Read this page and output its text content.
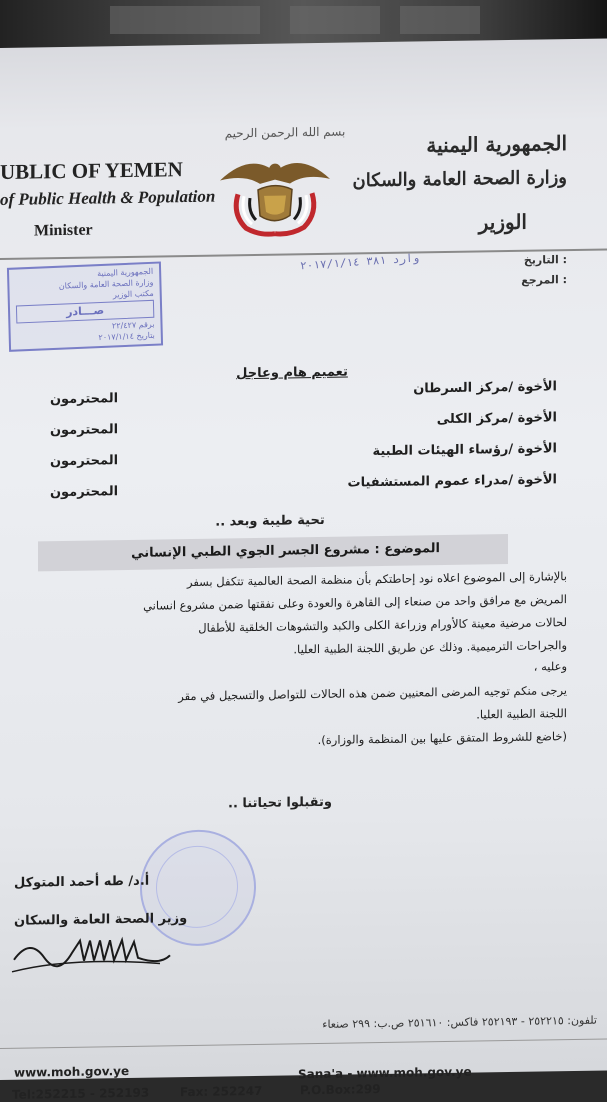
بسم الله الرحمن الرحيم
UBLIC OF YEMEN
of Public Health & Population
Minister
الجمهورية اليمنية
وزارة الصحة العامة والسكان
الوزير
: التاريخ
: المرجع
وارد ٣٨١ ٢٠١٧/١/١٤
الجمهورية اليمنية
وزارة الصحة العامة والسكان
مكتب الوزير
صـــادر
برقم ٢٢/٤٢٧
بتاريخ ٢٠١٧/١/١٤
تعميم هام وعاجل
الأخوة /مركز السرطان
المحترمون
الأخوة /مركز الكلى
المحترمون
الأخوة /رؤساء الهيئات الطبية
المحترمون
الأخوة /مدراء عموم المستشفيات
المحترمون
تحية طيبة وبعد ..
الموضوع : مشروع الجسر الجوي الطبي الإنساني
بالإشارة إلى الموضوع اعلاه نود إحاطتكم بأن منظمة الصحة العالمية تتكفل بسفر
المريض مع مرافق واحد من صنعاء إلى القاهرة والعودة وعلى نفقتها ضمن مشروع انساني
لحالات مرضية معينة كالأورام وزراعة الكلى والكبد والتشوهات الخلقية للأطفال
والجراحات الترميمية. وذلك عن طريق اللجنة الطبية العليا.
وعليه ،
يرجى منكم توجيه المرضى المعنيين ضمن هذه الحالات للتواصل والتسجيل في مقر
اللجنة الطبية العليا.
(خاضع للشروط المتفق عليها بين المنظمة والوزارة).
وتقبلوا تحياتنا ..
أ.د/ طه أحمد المتوكل
وزير الصحة العامة والسكان
تلفون: ٢٥٢٢١٥ - ٢٥٢١٩٣ فاكس: ٢٥١٦١٠ ص.ب: ٢٩٩ صنعاء
www.moh.gov.ye	Sana'a - www.moh.gov.ye
Tel:252215 - 252193	Fax: 252247	P.O.Box:299
